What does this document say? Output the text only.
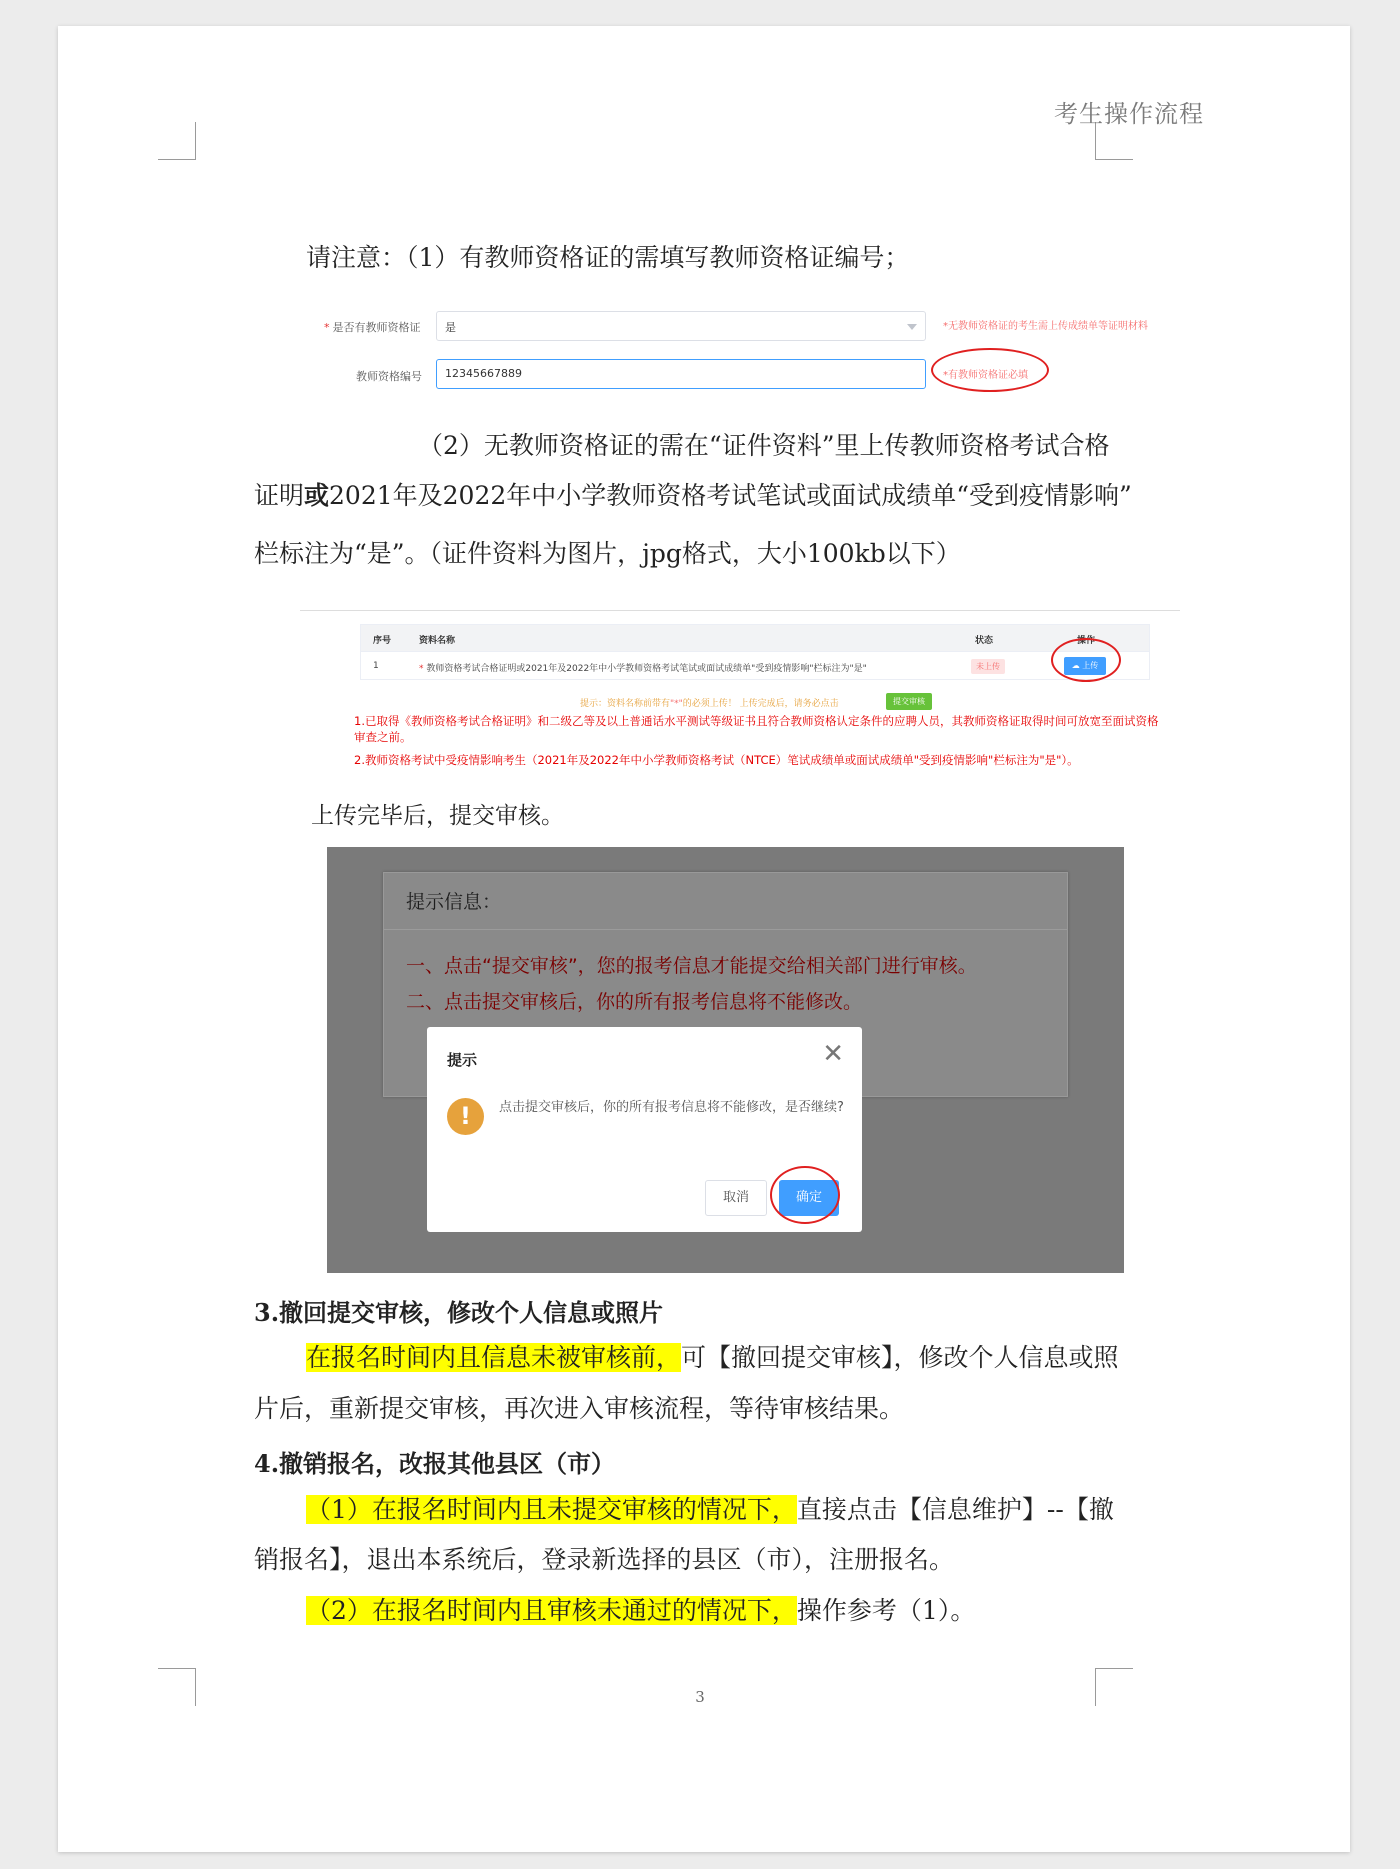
考生操作流程
请注意：（1）有教师资格证的需填写教师资格证编号；
* 是否有教师资格证	是	*无教师资格证的考生需上传成绩单等证明材料
教师资格编号	12345667889	*有教师资格证必填
（2）无教师资格证的需在“证件资料”里上传教师资格考试合格
证明或2021年及2022年中小学教师资格考试笔试或面试成绩单“受到疫情影响”
栏标注为“是”。（证件资料为图片，jpg格式，大小100kb以下）
序号	资料名称	状态	操作
1	* 教师资格考试合格证明或2021年及2022年中小学教师资格考试笔试或面试成绩单"受到疫情影响"栏标注为"是"	未上传	☁ 上传
提示：资料名称前带有"*"的必须上传！ 上传完成后，请务必点击	提交审核
1.已取得《教师资格考试合格证明》和二级乙等及以上普通话水平测试等级证书且符合教师资格认定条件的应聘人员，其教师资格证取得时间可放宽至面试资格审查之前。
2.教师资格考试中受疫情影响考生（2021年及2022年中小学教师资格考试（NTCE）笔试成绩单或面试成绩单"受到疫情影响"栏标注为"是"）。
上传完毕后，提交审核。
提示信息：
一、点击“提交审核”，您的报考信息才能提交给相关部门进行审核。
二、点击提交审核后，你的所有报考信息将不能修改。
提示	✕
!	点击提交审核后，你的所有报考信息将不能修改，是否继续?
取消	确定
3.撤回提交审核，修改个人信息或照片
在报名时间内且信息未被审核前，可【撤回提交审核】，修改个人信息或照
片后，重新提交审核，再次进入审核流程，等待审核结果。
4.撤销报名，改报其他县区（市）
（1）在报名时间内且未提交审核的情况下，直接点击【信息维护】--【撤
销报名】，退出本系统后，登录新选择的县区（市），注册报名。
（2）在报名时间内且审核未通过的情况下，操作参考（1）。
3
